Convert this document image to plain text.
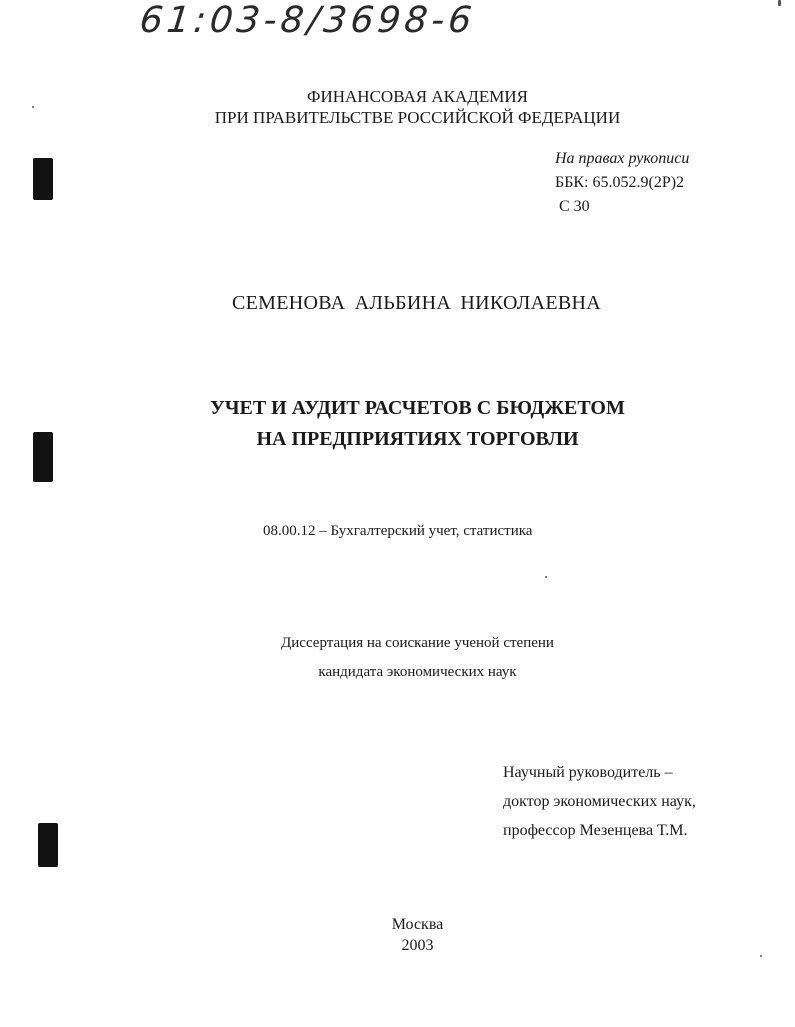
61:03-8/3698-6
ФИНАНСОВАЯ АКАДЕМИЯ
ПРИ ПРАВИТЕЛЬСТВЕ РОССИЙСКОЙ ФЕДЕРАЦИИ
На правах рукописи
ББК: 65.052.9(2Р)2
С 30
СЕМЕНОВА АЛЬБИНА НИКОЛАЕВНА
УЧЕТ И АУДИТ РАСЧЕТОВ С БЮДЖЕТОМ
НА ПРЕДПРИЯТИЯХ ТОРГОВЛИ
08.00.12 – Бухгалтерский учет, статистика
Диссертация на соискание ученой степени
кандидата экономических наук
Научный руководитель –
доктор экономических наук,
профессор Мезенцева Т.М.
Москва
2003
